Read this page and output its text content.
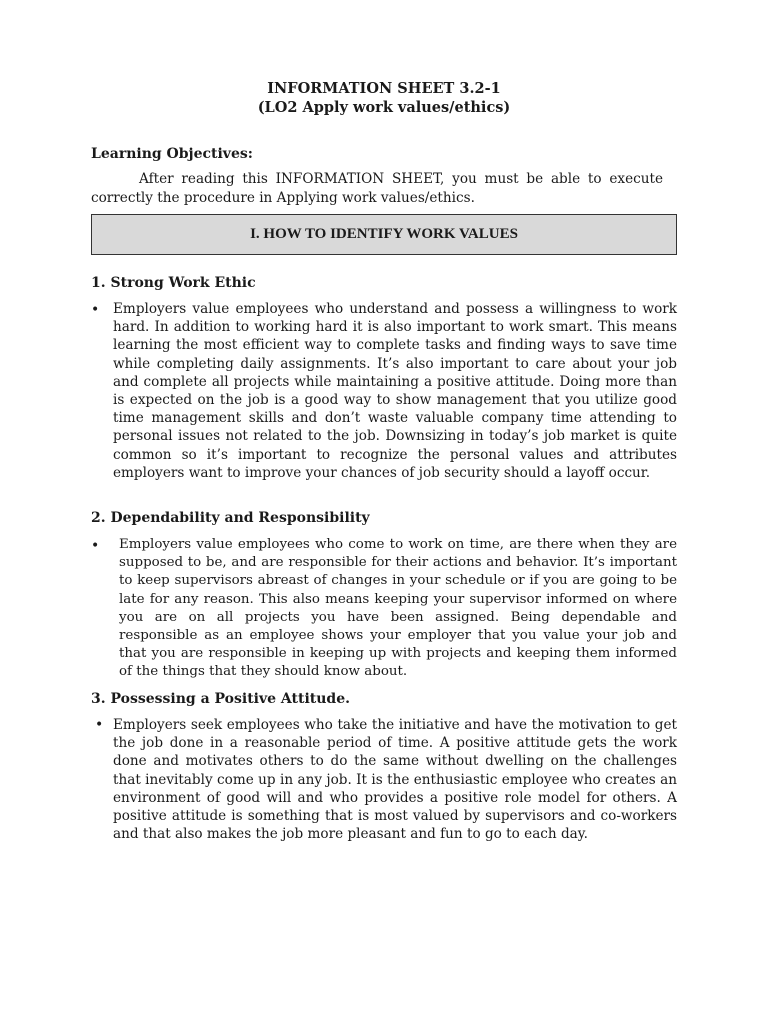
INFORMATION SHEET 3.2-1
(LO2 Apply work values/ethics)
Learning Objectives:
After reading this INFORMATION SHEET, you must be able to execute correctly the procedure in Applying work values/ethics.
I. HOW TO IDENTIFY WORK VALUES
1. Strong Work Ethic
• Employers value employees who understand and possess a willingness to work hard. In addition to working hard it is also important to work smart. This means learning the most efficient way to complete tasks and finding ways to save time while completing daily assignments. It’s also important to care about your job and complete all projects while maintaining a positive attitude. Doing more than is expected on the job is a good way to show management that you utilize good time management skills and don’t waste valuable company time attending to personal issues not related to the job. Downsizing in today’s job market is quite common so it’s important to recognize the personal values and attributes employers want to improve your chances of job security should a layoff occur.
2. Dependability and Responsibility
• Employers value employees who come to work on time, are there when they are supposed to be, and are responsible for their actions and behavior. It’s important to keep supervisors abreast of changes in your schedule or if you are going to be late for any reason. This also means keeping your supervisor informed on where you are on all projects you have been assigned. Being dependable and responsible as an employee shows your employer that you value your job and that you are responsible in keeping up with projects and keeping them informed of the things that they should know about.
3. Possessing a Positive Attitude.
• Employers seek employees who take the initiative and have the motivation to get the job done in a reasonable period of time. A positive attitude gets the work done and motivates others to do the same without dwelling on the challenges that inevitably come up in any job. It is the enthusiastic employee who creates an environment of good will and who provides a positive role model for others. A positive attitude is something that is most valued by supervisors and co-workers and that also makes the job more pleasant and fun to go to each day.
